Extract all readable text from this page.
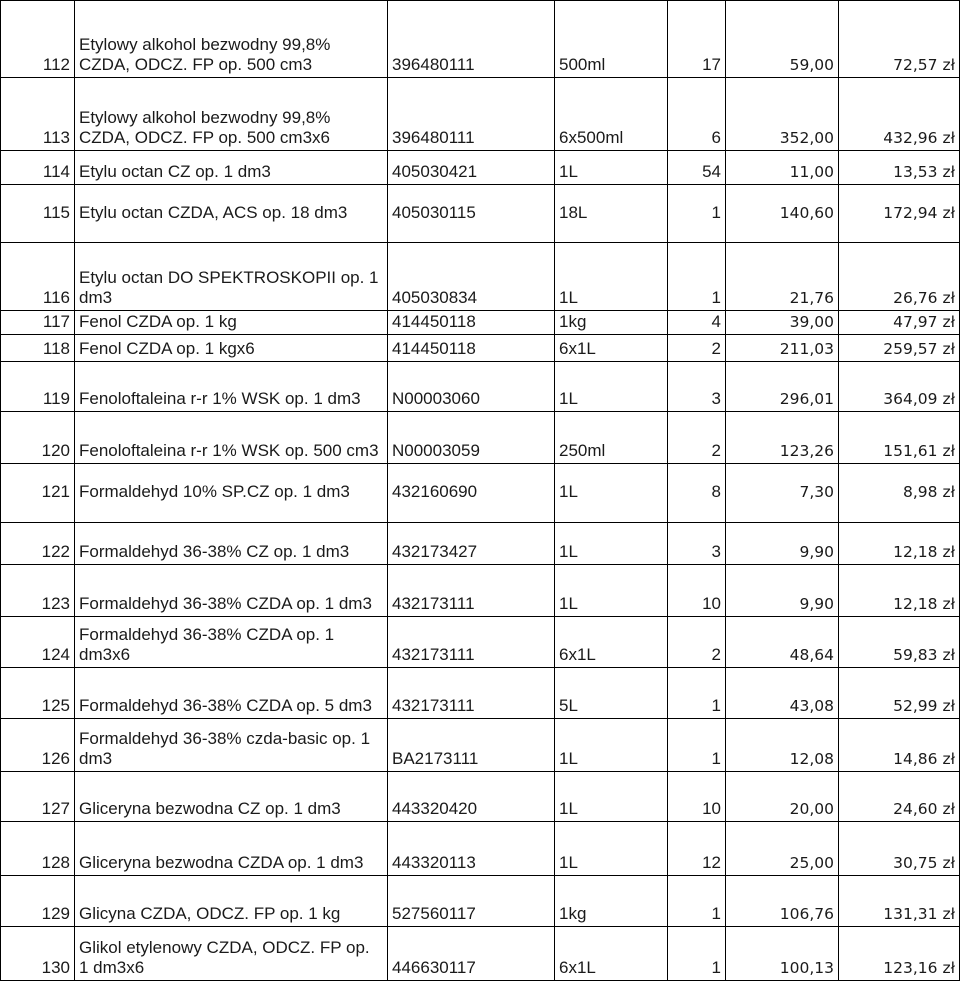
112	Etylowy alkohol bezwodny 99,8% CZDA, ODCZ. FP op. 500 cm3	396480111	500ml	17	59,00	72,57 zł
113	Etylowy alkohol bezwodny 99,8% CZDA, ODCZ. FP op. 500 cm3x6	396480111	6x500ml	6	352,00	432,96 zł
114	Etylu octan CZ op. 1 dm3	405030421	1L	54	11,00	13,53 zł
115	Etylu octan CZDA, ACS op. 18 dm3	405030115	18L	1	140,60	172,94 zł
116	Etylu octan DO SPEKTROSKOPII op. 1 dm3	405030834	1L	1	21,76	26,76 zł
117	Fenol CZDA op. 1 kg	414450118	1kg	4	39,00	47,97 zł
118	Fenol CZDA op. 1 kgx6	414450118	6x1L	2	211,03	259,57 zł
119	Fenoloftaleina r-r 1% WSK op. 1 dm3	N00003060	1L	3	296,01	364,09 zł
120	Fenoloftaleina r-r 1% WSK op. 500 cm3	N00003059	250ml	2	123,26	151,61 zł
121	Formaldehyd 10% SP.CZ op. 1 dm3	432160690	1L	8	7,30	8,98 zł
122	Formaldehyd 36-38% CZ op. 1 dm3	432173427	1L	3	9,90	12,18 zł
123	Formaldehyd 36-38% CZDA op. 1 dm3	432173111	1L	10	9,90	12,18 zł
124	Formaldehyd 36-38% CZDA op. 1 dm3x6	432173111	6x1L	2	48,64	59,83 zł
125	Formaldehyd 36-38% CZDA op. 5 dm3	432173111	5L	1	43,08	52,99 zł
126	Formaldehyd 36-38% czda-basic op. 1 dm3	BA2173111	1L	1	12,08	14,86 zł
127	Gliceryna bezwodna CZ op. 1 dm3	443320420	1L	10	20,00	24,60 zł
128	Gliceryna bezwodna CZDA op. 1 dm3	443320113	1L	12	25,00	30,75 zł
129	Glicyna CZDA, ODCZ. FP op. 1 kg	527560117	1kg	1	106,76	131,31 zł
130	Glikol etylenowy CZDA, ODCZ. FP op. 1 dm3x6	446630117	6x1L	1	100,13	123,16 zł
